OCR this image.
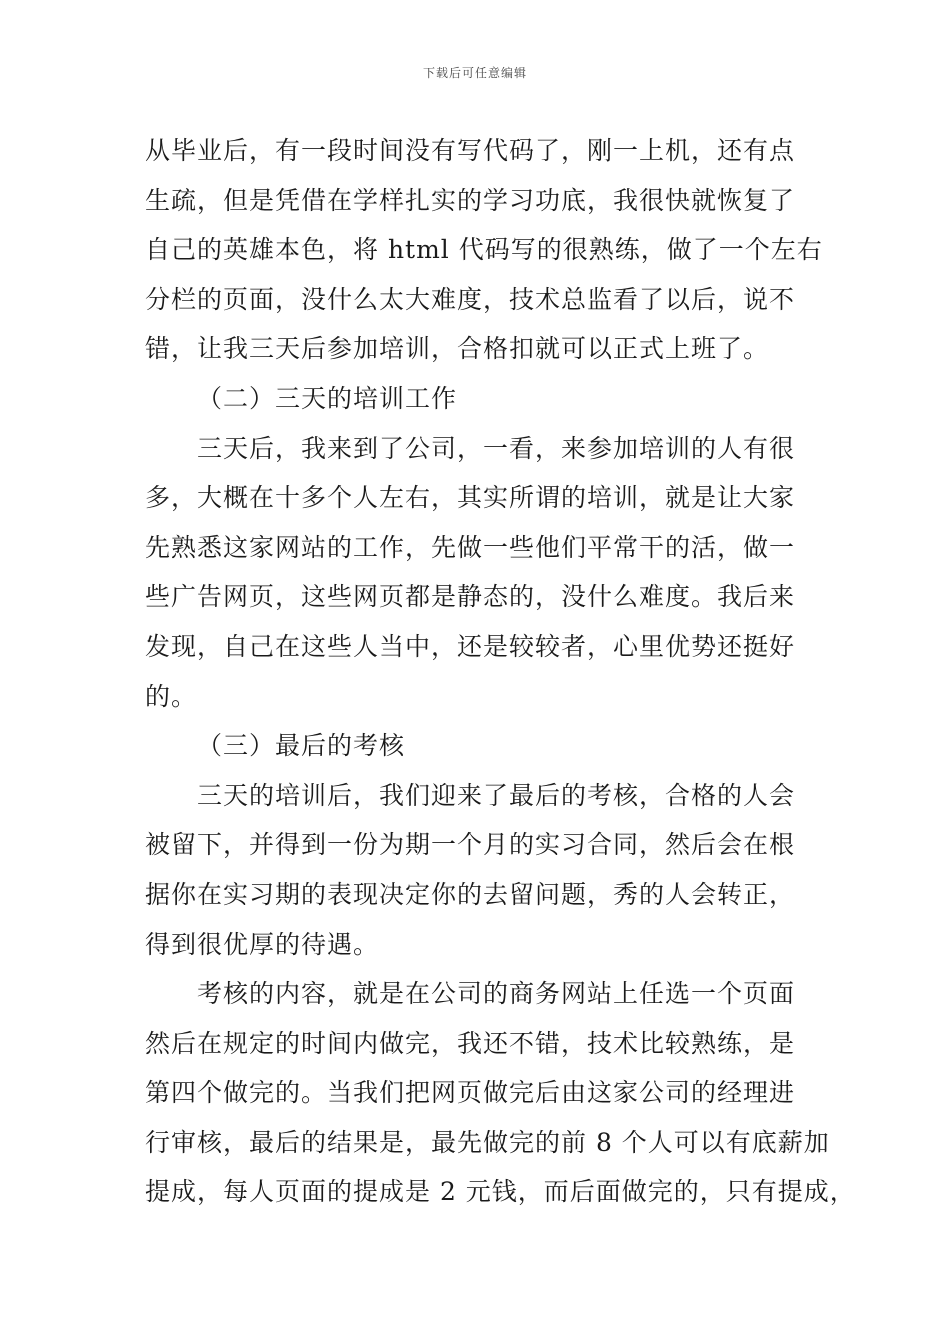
下载后可任意编辑
从毕业后，有一段时间没有写代码了，刚一上机，还有点
生疏，但是凭借在学样扎实的学习功底，我很快就恢复了
自己的英雄本色，将 html 代码写的很熟练，做了一个左右
分栏的页面，没什么太大难度，技术总监看了以后，说不
错，让我三天后参加培训，合格扣就可以正式上班了。
（二）三天的培训工作
三天后，我来到了公司，一看，来参加培训的人有很
多，大概在十多个人左右，其实所谓的培训，就是让大家
先熟悉这家网站的工作，先做一些他们平常干的活，做一
些广告网页，这些网页都是静态的，没什么难度。我后来
发现，自己在这些人当中，还是较较者，心里优势还挺好
的。
（三）最后的考核
三天的培训后，我们迎来了最后的考核，合格的人会
被留下，并得到一份为期一个月的实习合同，然后会在根
据你在实习期的表现决定你的去留问题，秀的人会转正，
得到很优厚的待遇。
考核的内容，就是在公司的商务网站上任选一个页面
然后在规定的时间内做完，我还不错，技术比较熟练，是
第四个做完的。当我们把网页做完后由这家公司的经理进
行审核，最后的结果是，最先做完的前 8 个人可以有底薪加
提成，每人页面的提成是 2 元钱，而后面做完的，只有提成，
